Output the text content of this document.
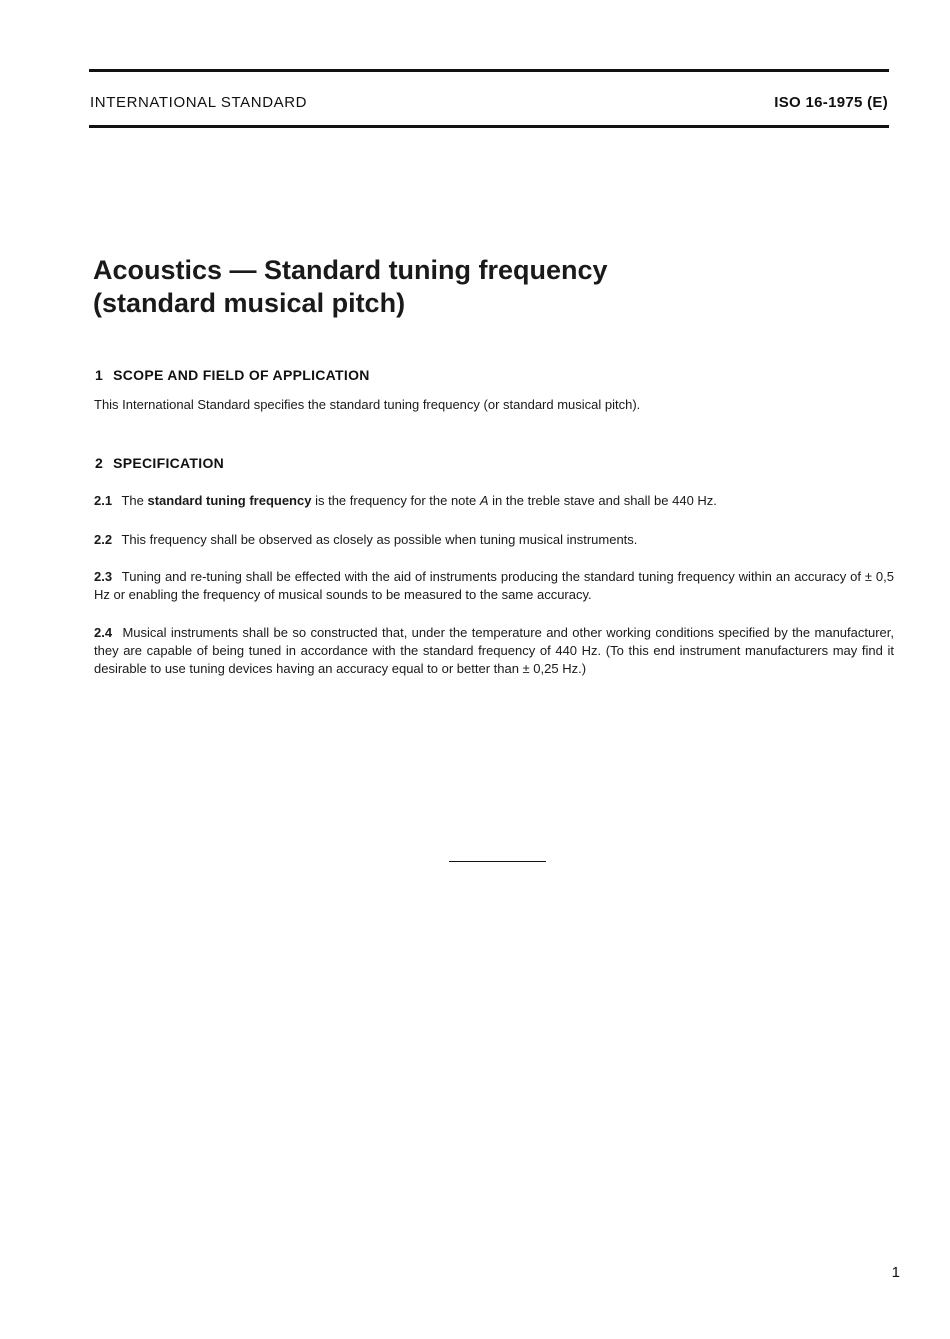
INTERNATIONAL STANDARD	ISO 16-1975 (E)
Acoustics — Standard tuning frequency
(standard musical pitch)
1 SCOPE AND FIELD OF APPLICATION

This International Standard specifies the standard tuning frequency (or standard musical pitch).

2 SPECIFICATION

2.1 The standard tuning frequency is the frequency for the note A in the treble stave and shall be 440 Hz.

2.2 This frequency shall be observed as closely as possible when tuning musical instruments.

2.3 Tuning and re-tuning shall be effected with the aid of instruments producing the standard tuning frequency within an accuracy of ± 0,5 Hz or enabling the frequency of musical sounds to be measured to the same accuracy.

2.4 Musical instruments shall be so constructed that, under the temperature and other working conditions specified by the manufacturer, they are capable of being tuned in accordance with the standard frequency of 440 Hz. (To this end instrument manufacturers may find it desirable to use tuning devices having an accuracy equal to or better than ± 0,25 Hz.)

1
